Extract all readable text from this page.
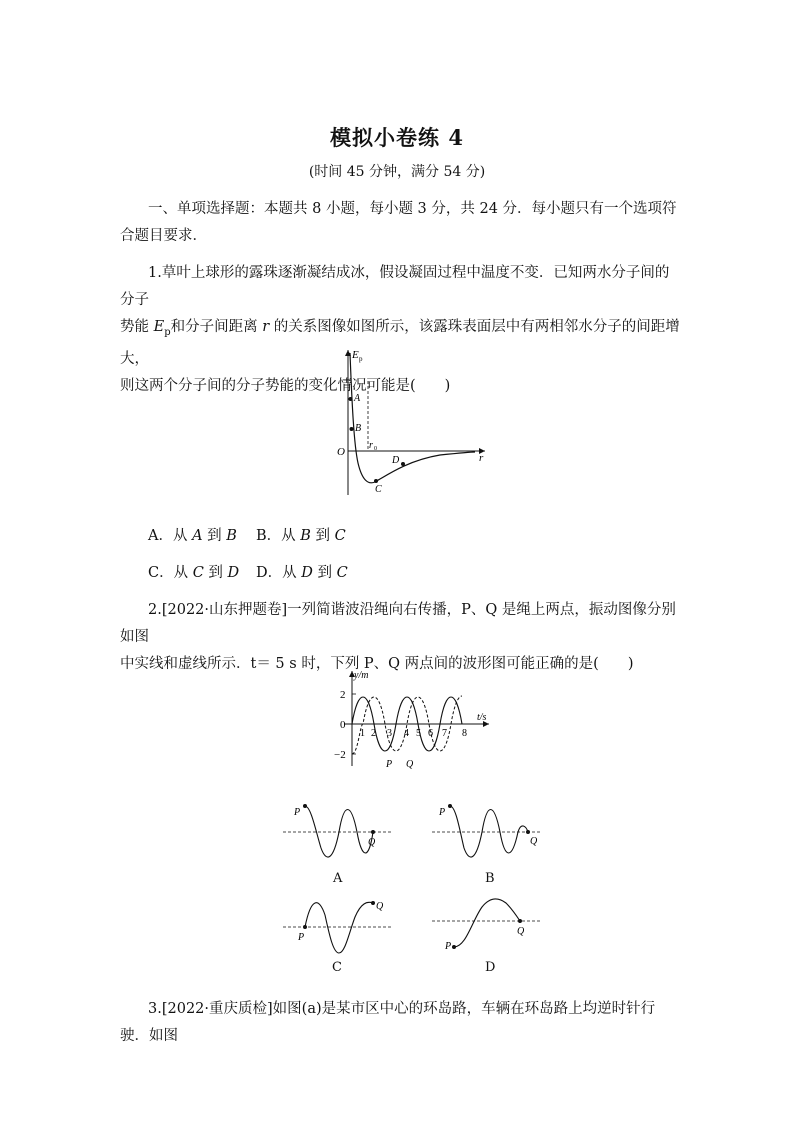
模拟小卷练 4
(时间 45 分钟，满分 54 分)

一、单项选择题：本题共 8 小题，每小题 3 分，共 24 分．每小题只有一个选项符合题目要求．

1.草叶上球形的露珠逐渐凝结成冰，假设凝固过程中温度不变．已知两水分子间的分子
势能 $E_p$和分子间距离 r 的关系图像如图所示，该露珠表面层中有两相邻水分子的间距增大，
则这两个分子间的分子势能的变化情况可能是(　　)
E p
r
O
r 0
A
B
C
D
A．从 A 到 B B．从 B 到 C
C．从 C 到 D D．从 D 到 C
2.[2022·山东押题卷]一列简谐波沿绳向右传播，P、Q 是绳上两点，振动图像分别如图
中实线和虚线所示．t＝ 5 s 时，下列 P、Q 两点间的波形图可能正确的是(　　)
y/m
t/s
2
0
−2
1 2 3 4 5 6 7 8
P Q
P
Q
A
P
Q
B
P
Q
C
P
Q
D
3.[2022·重庆质检]如图(a)是某市区中心的环岛路，车辆在环岛路上均逆时针行驶．如图
